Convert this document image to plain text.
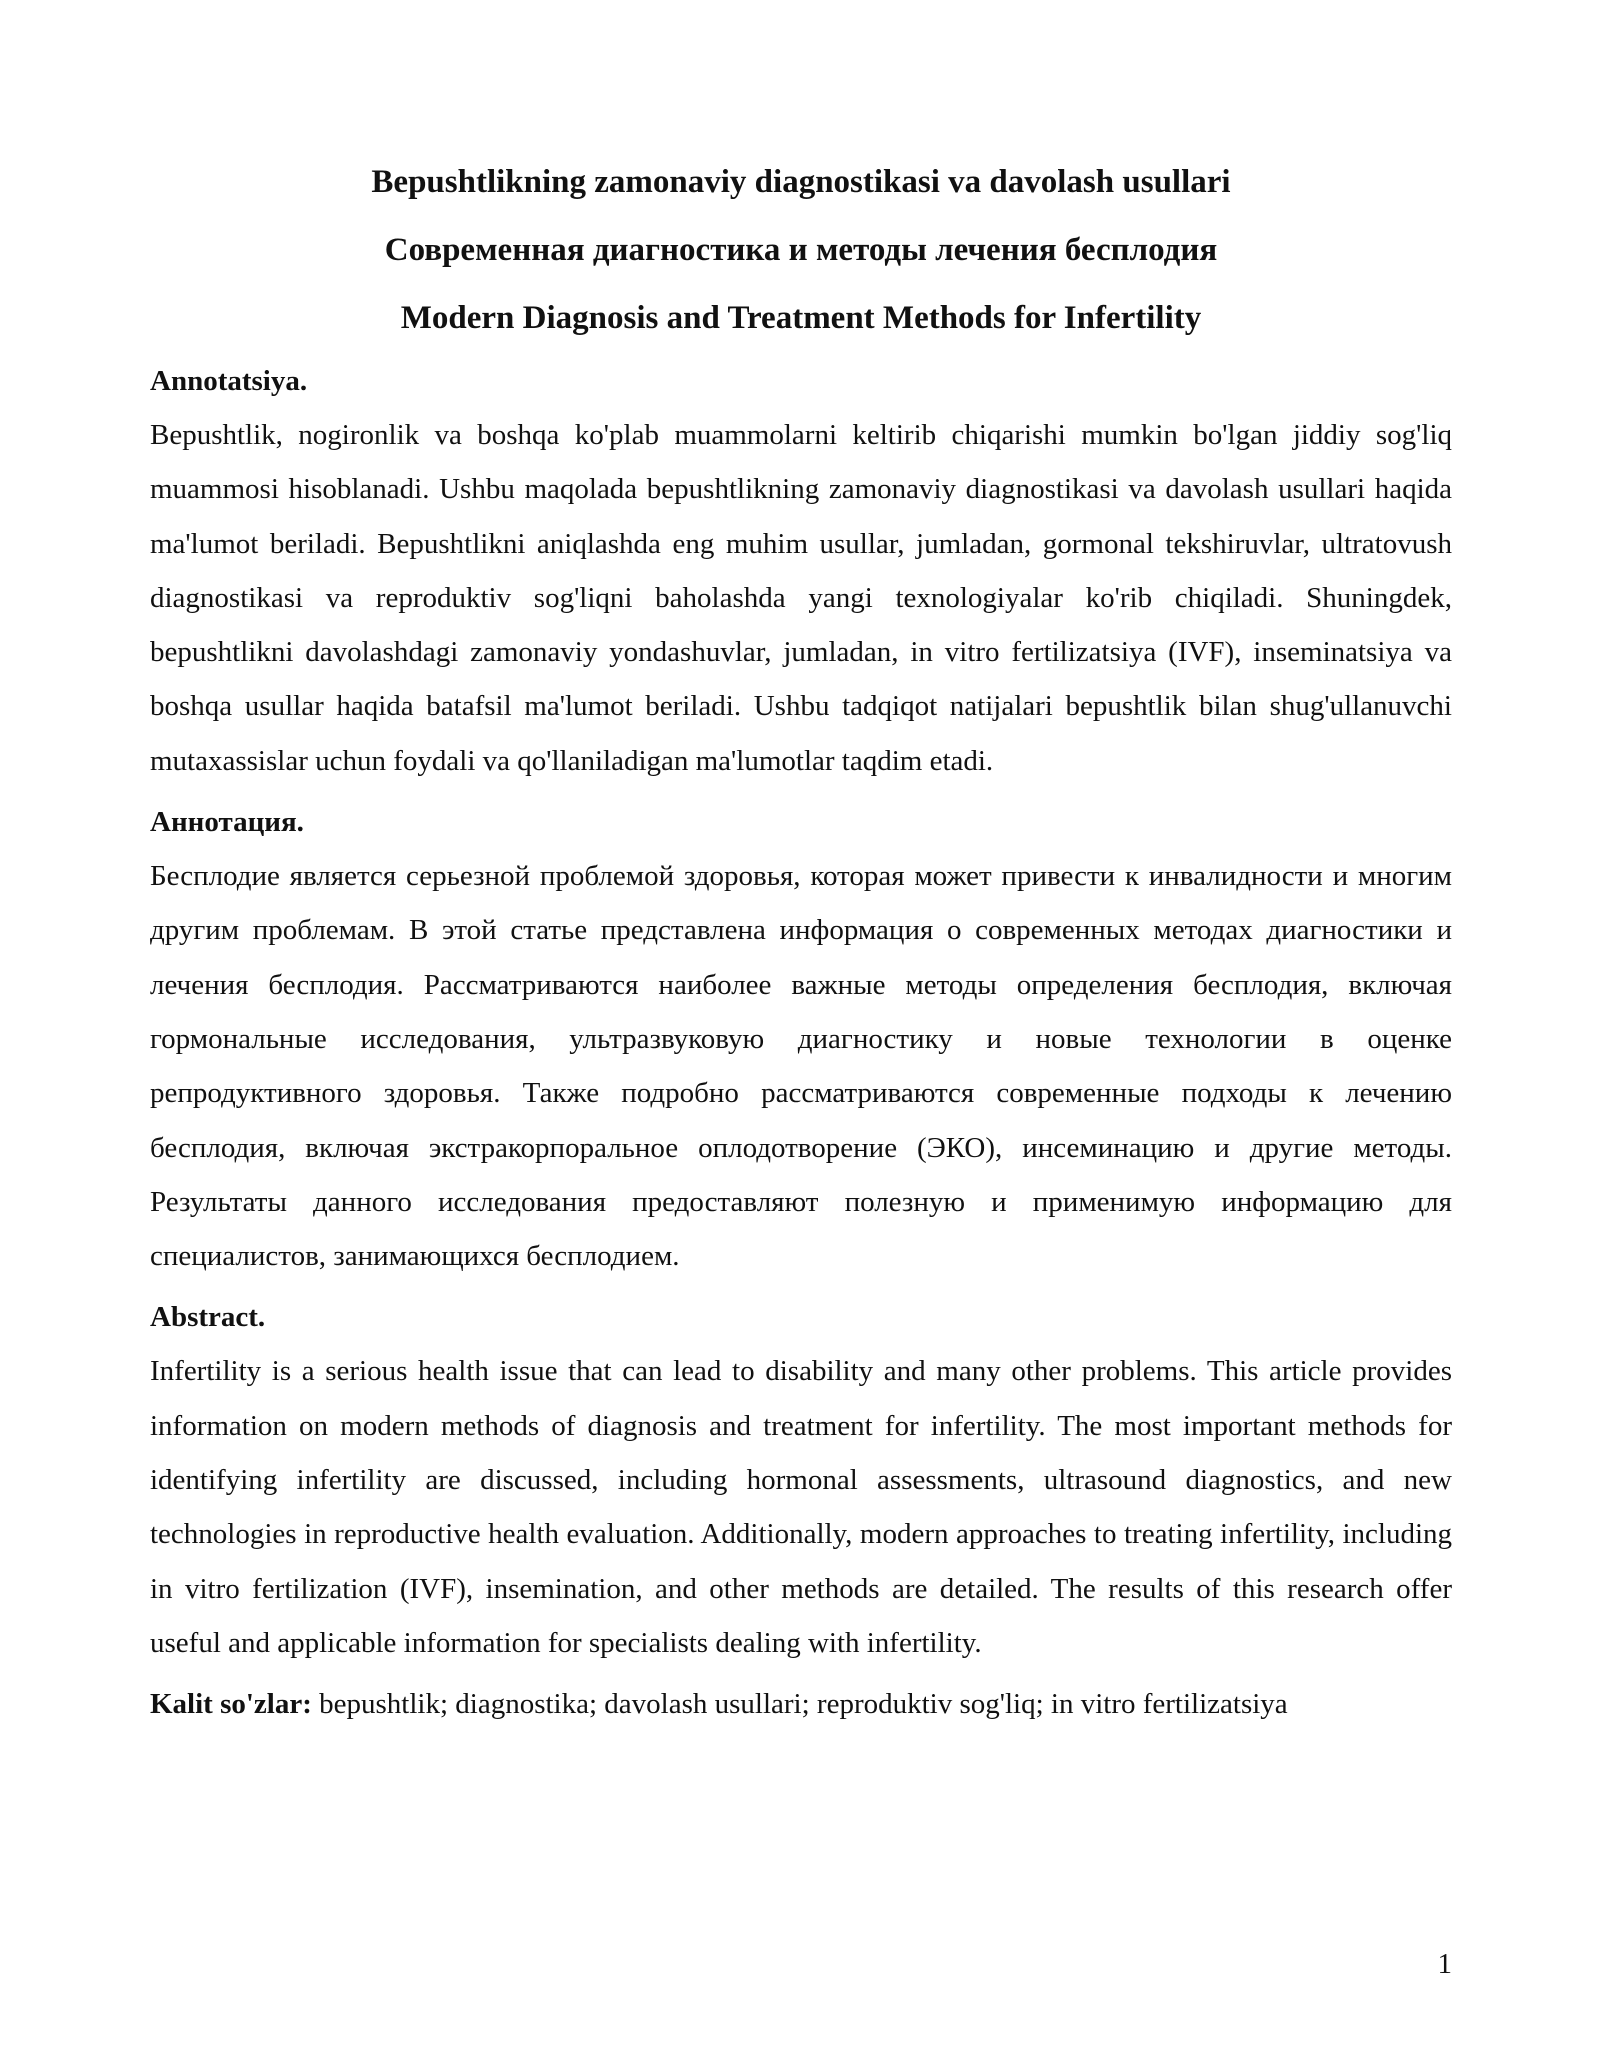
Bepushtlikning zamonaviy diagnostikasi va davolash usullari
Современная диагностика и методы лечения бесплодия
Modern Diagnosis and Treatment Methods for Infertility
Annotatsiya.

Bepushtlik, nogironlik va boshqa ko'plab muammolarni keltirib chiqarishi mumkin bo'lgan jiddiy sog'liq muammosi hisoblanadi. Ushbu maqolada bepushtlikning zamonaviy diagnostikasi va davolash usullari haqida ma'lumot beriladi. Bepushtlikni aniqlashda eng muhim usullar, jumladan, gormonal tekshiruvlar, ultratovush diagnostikasi va reproduktiv sog'liqni baholashda yangi texnologiyalar ko'rib chiqiladi. Shuningdek, bepushtlikni davolashdagi zamonaviy yondashuvlar, jumladan, in vitro fertilizatsiya (IVF), inseminatsiya va boshqa usullar haqida batafsil ma'lumot beriladi. Ushbu tadqiqot natijalari bepushtlik bilan shug'ullanuvchi mutaxassislar uchun foydali va qo'llaniladigan ma'lumotlar taqdim etadi.

Аннотация.

Бесплодие является серьезной проблемой здоровья, которая может привести к инвалидности и многим другим проблемам. В этой статье представлена информация о современных методах диагностики и лечения бесплодия. Рассматриваются наиболее важные методы определения бесплодия, включая гормональные исследования, ультразвуковую диагностику и новые технологии в оценке репродуктивного здоровья. Также подробно рассматриваются современные подходы к лечению бесплодия, включая экстракорпоральное оплодотворение (ЭКО), инсеминацию и другие методы. Результаты данного исследования предоставляют полезную и применимую информацию для специалистов, занимающихся бесплодием.

Abstract.

Infertility is a serious health issue that can lead to disability and many other problems. This article provides information on modern methods of diagnosis and treatment for infertility. The most important methods for identifying infertility are discussed, including hormonal assessments, ultrasound diagnostics, and new technologies in reproductive health evaluation. Additionally, modern approaches to treating infertility, including in vitro fertilization (IVF), insemination, and other methods are detailed. The results of this research offer useful and applicable information for specialists dealing with infertility.

Kalit so'zlar: bepushtlik; diagnostika; davolash usullari; reproduktiv sog'liq; in vitro fertilizatsiya

1
